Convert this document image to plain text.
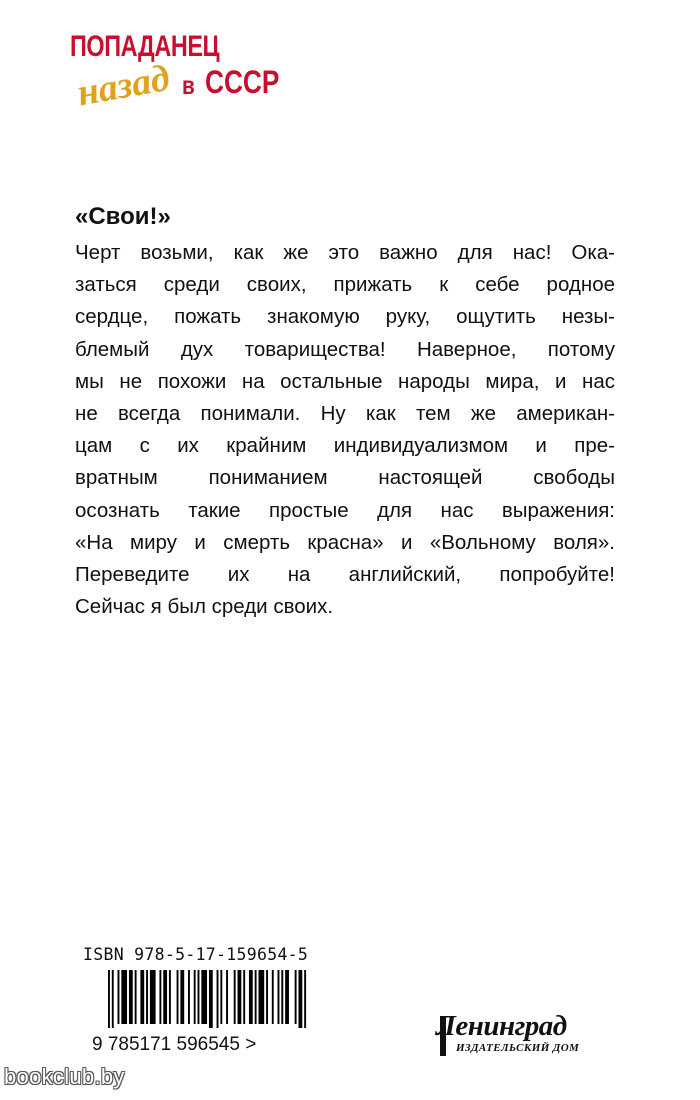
ПОПАДАНЕЦ
назад в СССР
«Свои!»

Черт возьми, как же это важно для нас! Ока-

заться среди своих, прижать к себе родное

сердце, пожать знакомую руку, ощутить незы-

блемый дух товарищества! Наверное, потому

мы не похожи на остальные народы мира, и нас

не всегда понимали. Ну как тем же американ-

цам с их крайним индивидуализмом и пре-

вратным пониманием настоящей свободы

осознать такие простые для нас выражения:

«На миру и смерть красна» и «Вольному воля».

Переведите их на английский, попробуйте!

Сейчас я был среди своих.

ISBN 978-5-17-159654-5
9 785171 596545 >
Ленинград
ИЗДАТЕЛЬСКИЙ ДОМ
bookclub.by
